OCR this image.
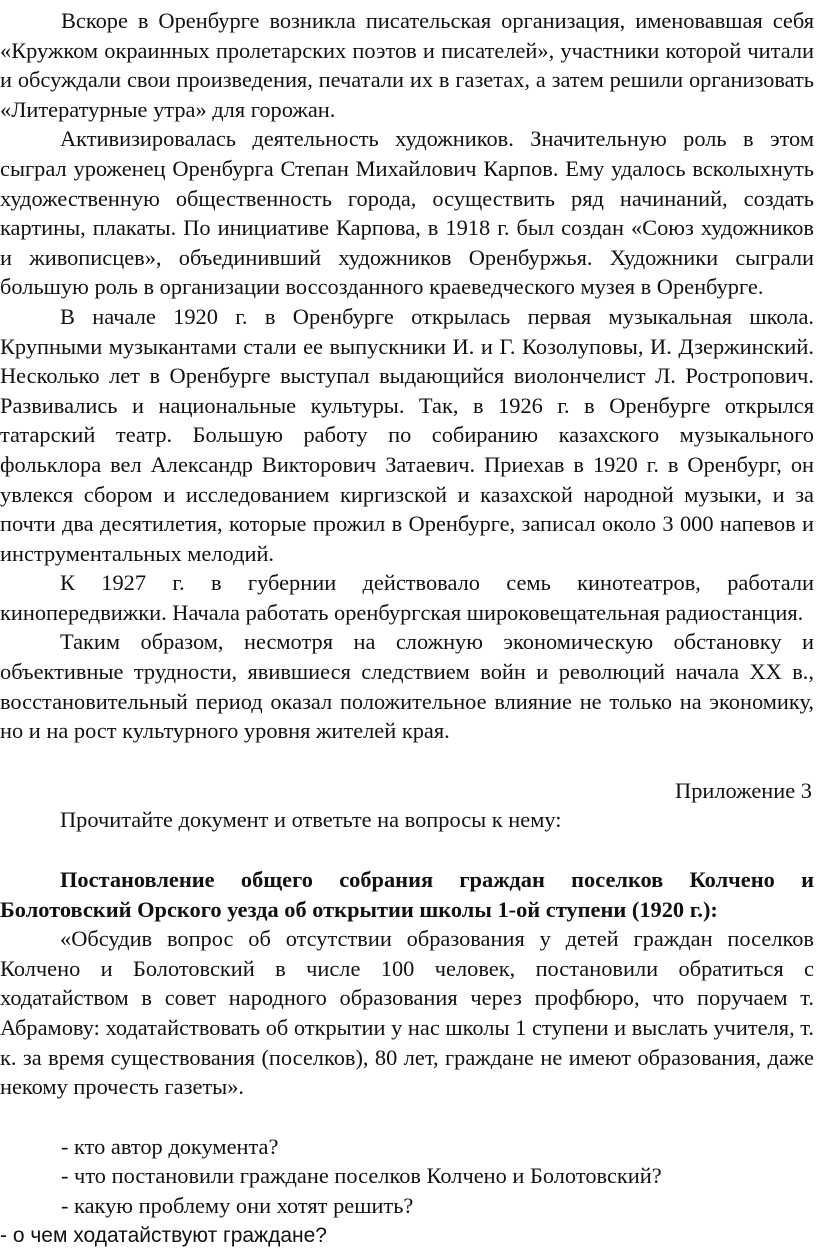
Вскоре в Оренбурге возникла писательская организация, именовавшая себя «Кружком окраинных пролетарских поэтов и писателей», участники которой читали и обсуждали свои произведения, печатали их в газетах, а затем решили организовать «Литературные утра» для горожан.

Активизировалась деятельность художников. Значительную роль в этом сыграл уроженец Оренбурга Степан Михайлович Карпов. Ему удалось всколыхнуть художественную общественность города, осуществить ряд начинаний, создать картины, плакаты. По инициативе Карпова, в 1918 г. был создан «Союз художников и живописцев», объединивший художников Оренбуржья. Художники сыграли большую роль в организации воссозданного краеведческого музея в Оренбурге.

В начале 1920 г. в Оренбурге открылась первая музыкальная школа. Крупными музыкантами стали ее выпускники И. и Г. Козолуповы, И. Дзержинский. Несколько лет в Оренбурге выступал выдающийся виолончелист Л. Ростропович. Развивались и национальные культуры. Так, в 1926 г. в Оренбурге открылся татарский театр. Большую работу по собиранию казахского музыкального фольклора вел Александр Викторович Затаевич. Приехав в 1920 г. в Оренбург, он увлекся сбором и исследованием киргизской и казахской народной музыки, и за почти два десятилетия, которые прожил в Оренбурге, записал около 3 000 напевов и инструментальных мелодий.

К 1927 г. в губернии действовало семь кинотеатров, работали кинопередвижки. Начала работать оренбургская широковещательная радиостанция.

Таким образом, несмотря на сложную экономическую обстановку и объективные трудности, явившиеся следствием войн и революций начала XX в., восстановительный период оказал положительное влияние не только на экономику, но и на рост культурного уровня жителей края.

Приложение 3

Прочитайте документ и ответьте на вопросы к нему:

Постановление общего собрания граждан поселков Колчено и Болотовский Орского уезда об открытии школы 1-ой ступени (1920 г.):

«Обсудив вопрос об отсутствии образования у детей граждан поселков Колчено и Болотовский в числе 100 человек, постановили обратиться с ходатайством в совет народного образования через профбюро, что поручаем т. Абрамову: ходатайствовать об открытии у нас школы 1 ступени и выслать учителя, т. к. за время существования (поселков), 80 лет, граждане не имеют образования, даже некому прочесть газеты».

- кто автор документа?

- что постановили граждане поселков Колчено и Болотовский?

- какую проблему они хотят решить?

- о чем ходатайствуют граждане?
